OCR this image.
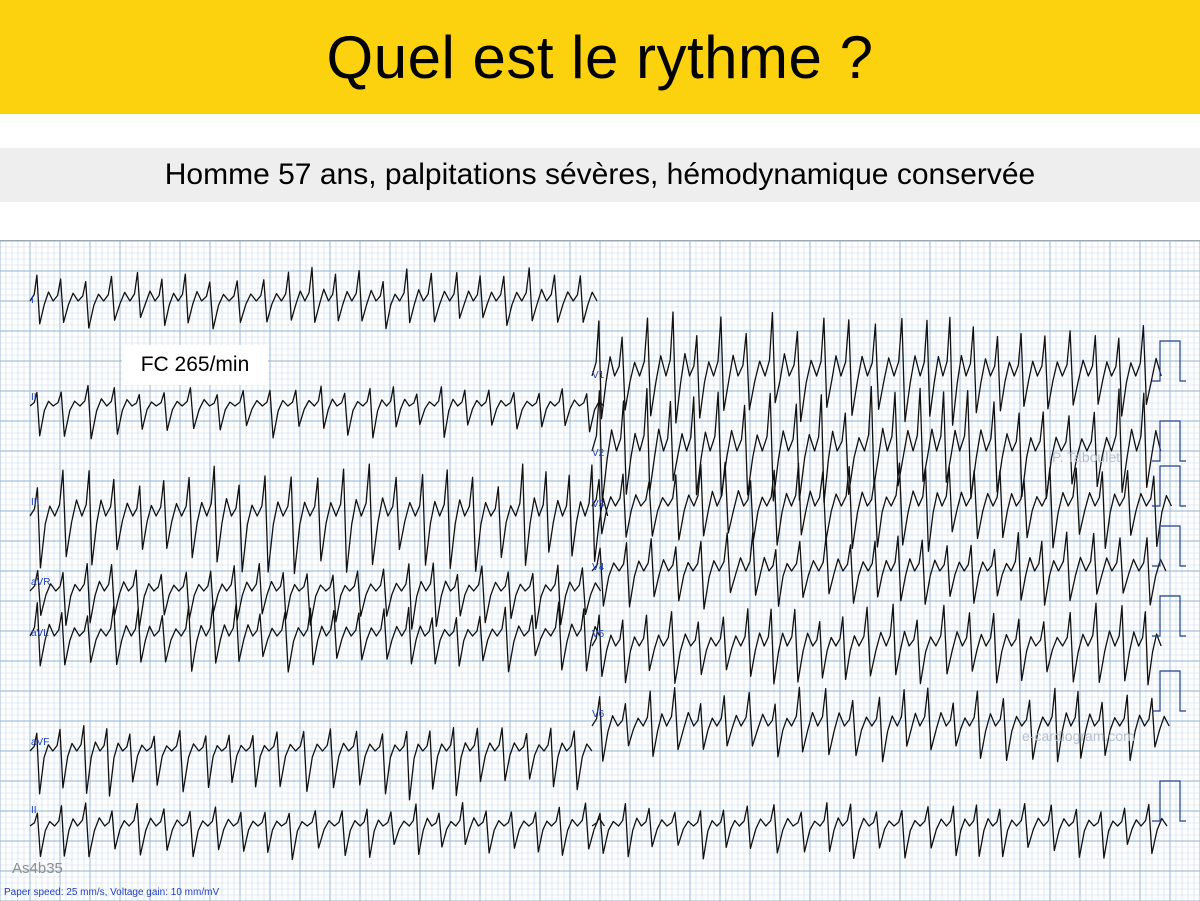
Quel est le rythme ?
Homme 57 ans, palpitations sévères, hémodynamique conservée
FC 265/min
I
II
III
aVR
aVL
aVF
II
V1
V2
V3
V4
V5
V6
P. Taboulet
e-cardiogram.com
As4b35
Paper speed: 25 mm/s, Voltage gain: 10 mm/mV
